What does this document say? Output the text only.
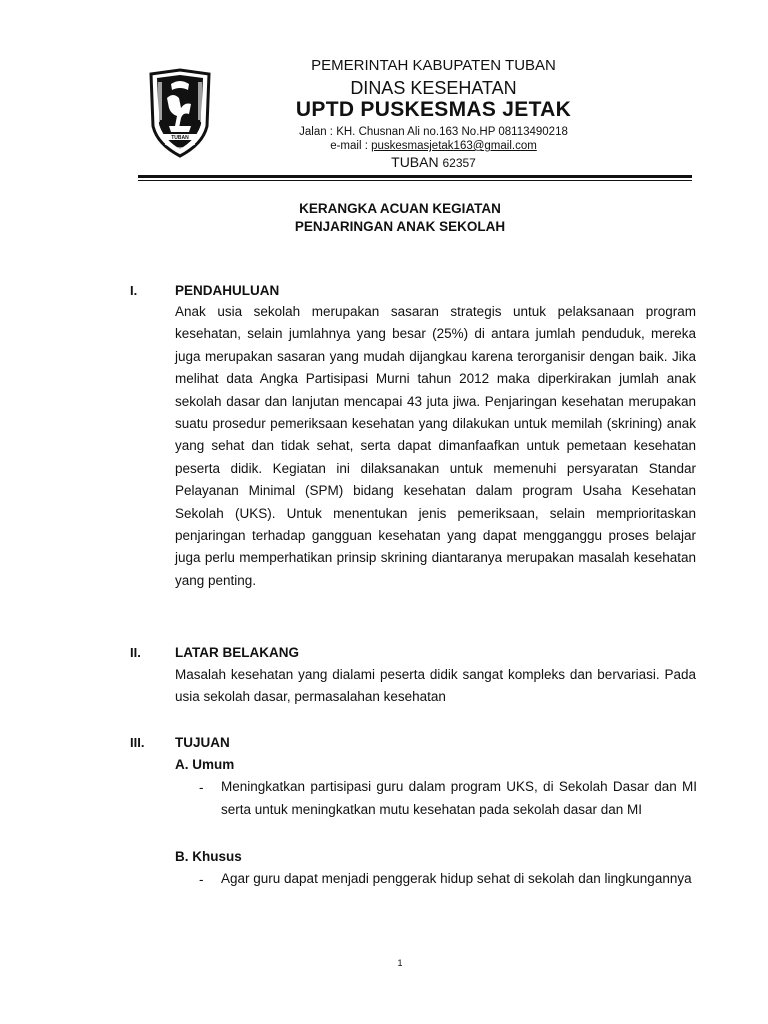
TUBAN
PEMERINTAH KABUPATEN TUBAN
DINAS KESEHATAN
UPTD PUSKESMAS JETAK
Jalan : KH. Chusnan Ali no.163 No.HP 08113490218
e-mail : puskesmasjetak163@gmail.com
TUBAN 62357
KERANGKA ACUAN KEGIATAN
PENJARINGAN ANAK SEKOLAH
I.	PENDAHULUAN

Anak usia sekolah merupakan sasaran strategis untuk pelaksanaan program kesehatan, selain jumlahnya yang besar (25%) di antara jumlah penduduk, mereka juga merupakan sasaran yang mudah dijangkau karena terorganisir dengan baik. Jika melihat data Angka Partisipasi Murni tahun 2012 maka diperkirakan jumlah anak sekolah dasar dan lanjutan mencapai 43 juta jiwa. Penjaringan kesehatan merupakan suatu prosedur pemeriksaan kesehatan yang dilakukan untuk memilah (skrining) anak yang sehat dan tidak sehat, serta dapat dimanfaafkan untuk pemetaan kesehatan peserta didik. Kegiatan ini dilaksanakan untuk memenuhi persyaratan Standar Pelayanan Minimal (SPM) bidang kesehatan dalam program Usaha Kesehatan Sekolah (UKS). Untuk menentukan jenis pemeriksaan, selain memprioritaskan penjaringan terhadap gangguan kesehatan yang dapat mengganggu proses belajar juga perlu memperhatikan prinsip skrining diantaranya merupakan masalah kesehatan yang penting.

II.	LATAR BELAKANG

Masalah kesehatan yang dialami peserta didik sangat kompleks dan bervariasi. Pada usia sekolah dasar, permasalahan kesehatan

III. TUJUAN
A. Umum
- Meningkatkan partisipasi guru dalam program UKS, di Sekolah Dasar dan MI serta untuk meningkatkan mutu kesehatan pada sekolah dasar dan MI

B. Khusus
- Agar guru dapat menjadi penggerak hidup sehat di sekolah dan lingkungannya

1
